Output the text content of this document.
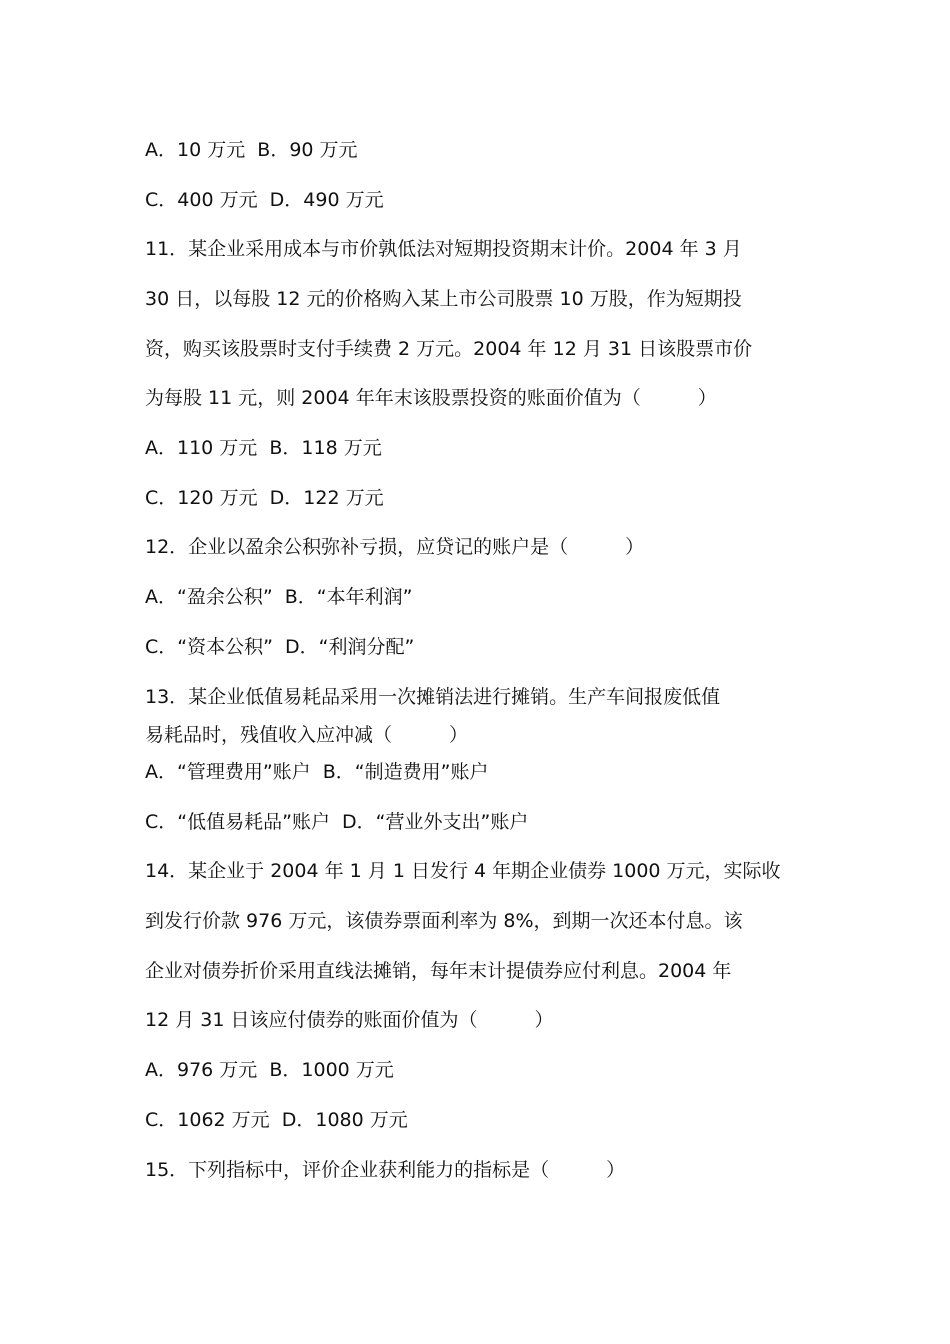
A．10 万元  B．90 万元
C．400 万元  D．490 万元
11．某企业采用成本与市价孰低法对短期投资期末计价。2004 年 3 月
30 日，以每股 12 元的价格购入某上市公司股票 10 万股，作为短期投
资，购买该股票时支付手续费 2 万元。2004 年 12 月 31 日该股票市价
为每股 11 元，则 2004 年年末该股票投资的账面价值为（　　　）
A．110 万元  B．118 万元
C．120 万元  D．122 万元
12．企业以盈余公积弥补亏损，应贷记的账户是（　　　）
A．“盈余公积”  B．“本年利润”
C．“资本公积”  D．“利润分配”
13．某企业低值易耗品采用一次摊销法进行摊销。生产车间报废低值
易耗品时，残值收入应冲减（　　　）
A．“管理费用”账户  B．“制造费用”账户
C．“低值易耗品”账户  D．“营业外支出”账户
14．某企业于 2004 年 1 月 1 日发行 4 年期企业债券 1000 万元，实际收
到发行价款 976 万元，该债券票面利率为 8%，到期一次还本付息。该
企业对债券折价采用直线法摊销，每年末计提债券应付利息。2004 年
12 月 31 日该应付债券的账面价值为（　　　）
A．976 万元  B．1000 万元
C．1062 万元  D．1080 万元
15．下列指标中，评价企业获利能力的指标是（　　　）
